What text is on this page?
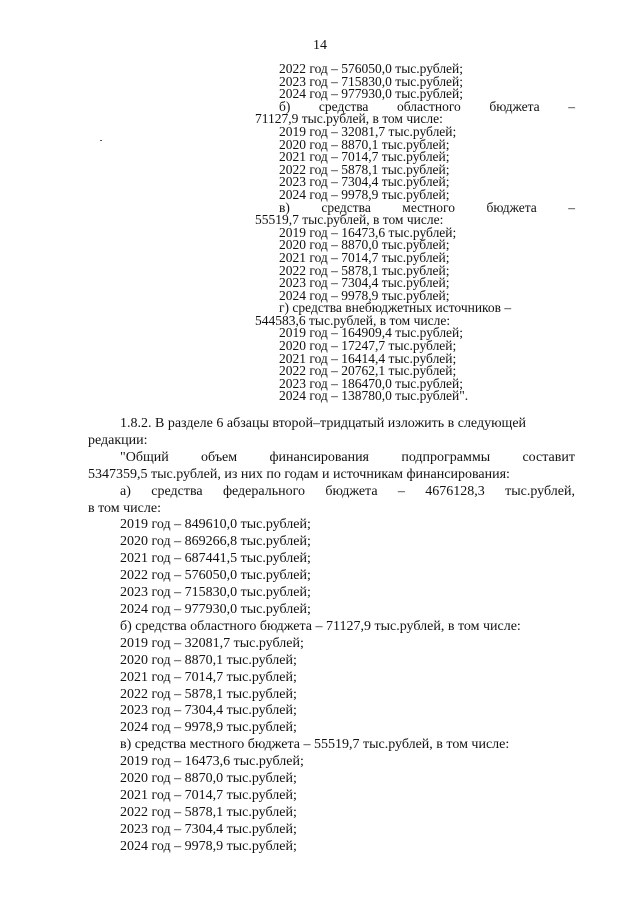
14
2022 год – 576050,0 тыс.рублей;
2023 год – 715830,0 тыс.рублей;
2024 год – 977930,0 тыс.рублей;
б) средства областного бюджета –
71127,9 тыс.рублей, в том числе:
2019 год – 32081,7 тыс.рублей;
2020 год – 8870,1 тыс.рублей;
2021 год – 7014,7 тыс.рублей;
2022 год – 5878,1 тыс.рублей;
2023 год – 7304,4 тыс.рублей;
2024 год – 9978,9 тыс.рублей;
в) средства местного бюджета –
55519,7 тыс.рублей, в том числе:
2019 год – 16473,6 тыс.рублей;
2020 год – 8870,0 тыс.рублей;
2021 год – 7014,7 тыс.рублей;
2022 год – 5878,1 тыс.рублей;
2023 год – 7304,4 тыс.рублей;
2024 год – 9978,9 тыс.рублей;
г) средства внебюджетных источников –
544583,6 тыс.рублей, в том числе:
2019 год – 164909,4 тыс.рублей;
2020 год – 17247,7 тыс.рублей;
2021 год – 16414,4 тыс.рублей;
2022 год – 20762,1 тыс.рублей;
2023 год – 186470,0 тыс.рублей;
2024 год – 138780,0 тыс.рублей".
1.8.2. В разделе 6 абзацы второй–тридцатый изложить в следующей
редакции:
"Общий объем финансирования подпрограммы составит
5347359,5 тыс.рублей, из них по годам и источникам финансирования:
а) средства федерального бюджета – 4676128,3 тыс.рублей,
в том числе:
2019 год – 849610,0 тыс.рублей;
2020 год – 869266,8 тыс.рублей;
2021 год – 687441,5 тыс.рублей;
2022 год – 576050,0 тыс.рублей;
2023 год – 715830,0 тыс.рублей;
2024 год – 977930,0 тыс.рублей;
б) средства областного бюджета – 71127,9 тыс.рублей, в том числе:
2019 год – 32081,7 тыс.рублей;
2020 год – 8870,1 тыс.рублей;
2021 год – 7014,7 тыс.рублей;
2022 год – 5878,1 тыс.рублей;
2023 год – 7304,4 тыс.рублей;
2024 год – 9978,9 тыс.рублей;
в) средства местного бюджета – 55519,7 тыс.рублей, в том числе:
2019 год – 16473,6 тыс.рублей;
2020 год – 8870,0 тыс.рублей;
2021 год – 7014,7 тыс.рублей;
2022 год – 5878,1 тыс.рублей;
2023 год – 7304,4 тыс.рублей;
2024 год – 9978,9 тыс.рублей;
